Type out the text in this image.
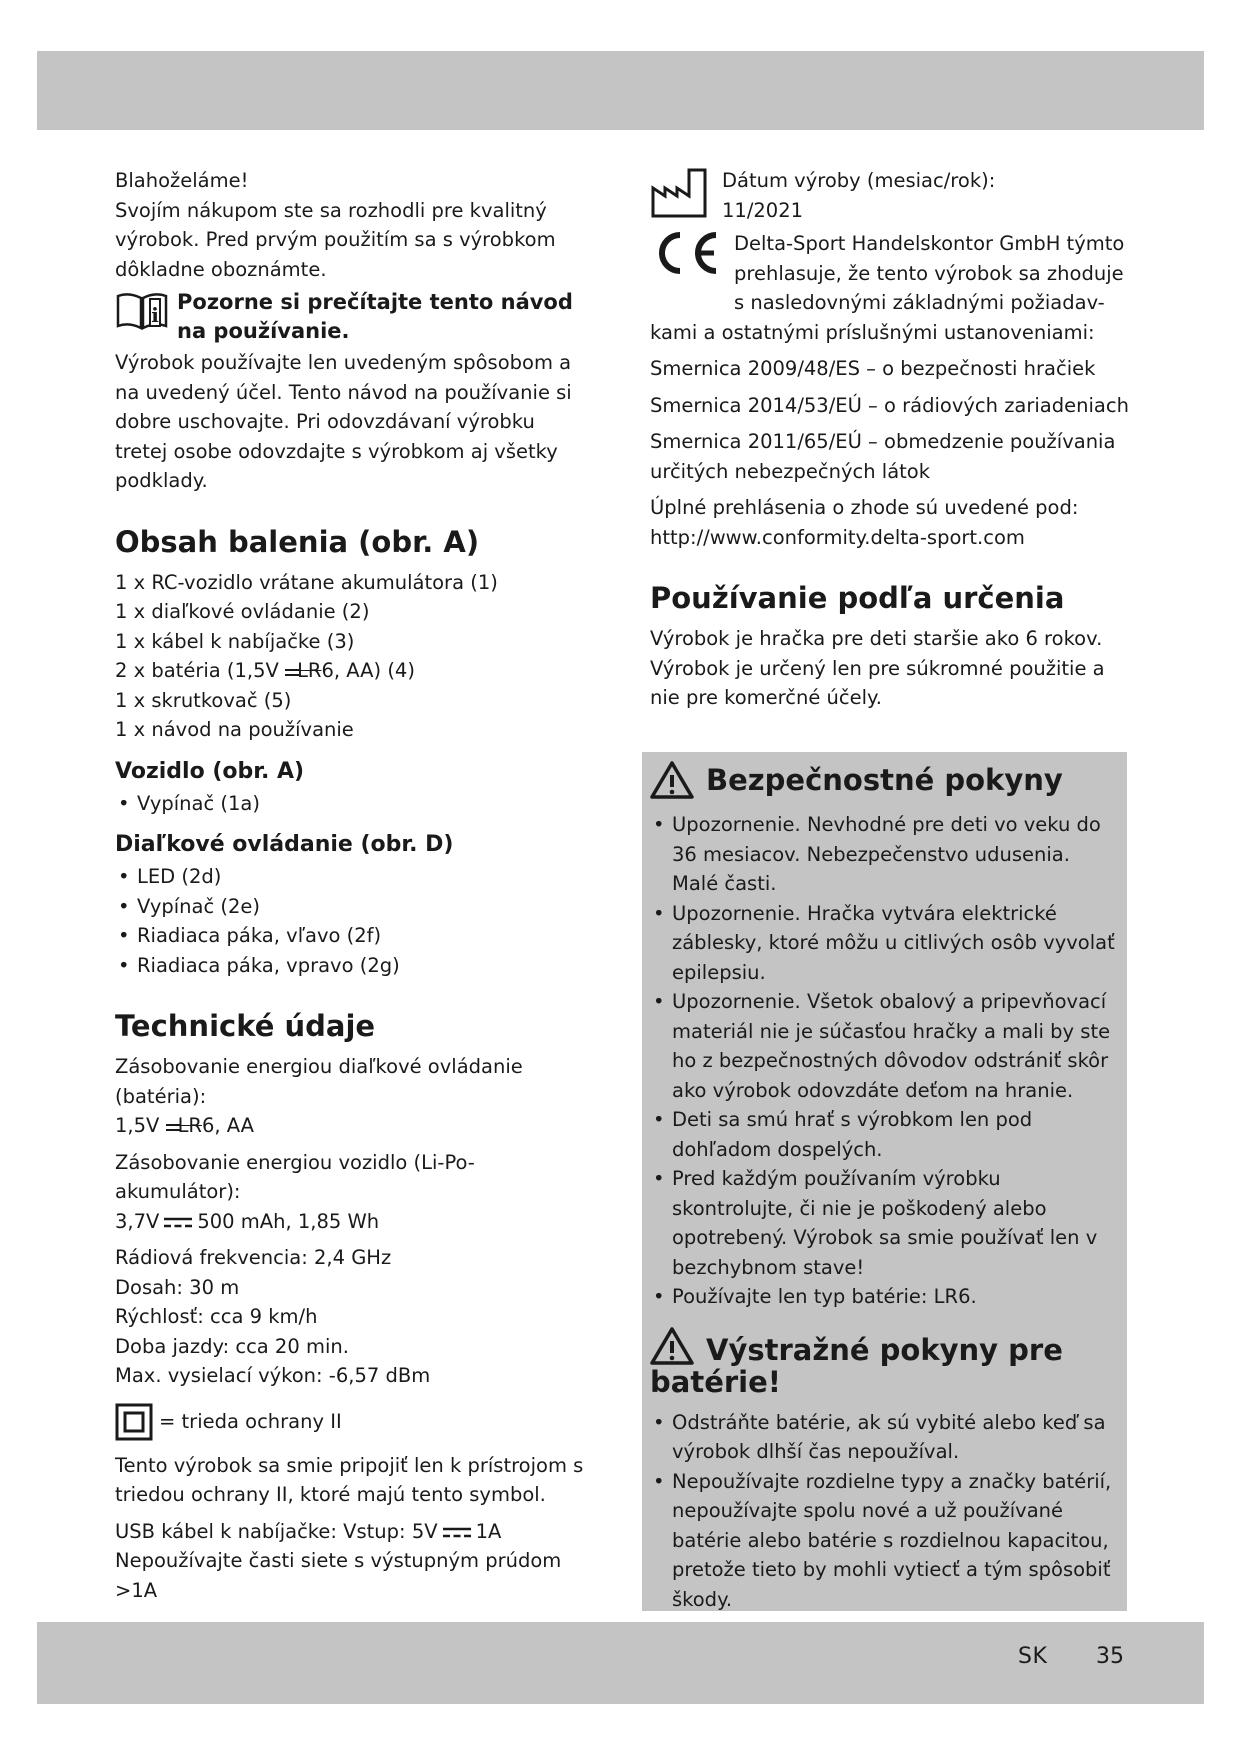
Blahoželáme!

Svojím nákupom ste sa rozhodli pre kvalitný výrobok. Pred prvým použitím sa s výrobkom dôkladne oboznámte.

i
Pozorne si prečítajte tento návod na používanie.

Výrobok používajte len uvedeným spôsobom a na uvedený účel. Tento návod na používanie si dobre uschovajte. Pri odovzdávaní výrobku tretej osobe odovzdajte s výrobkom aj všetky podklady.

Obsah balenia (obr. A)

1 x RC-vozidlo vrátane akumulátora (1)

1 x diaľkové ovládanie (2)

1 x kábel k nabíjačke (3)

2 x batéria (1,5V LR6, AA) (4)

1 x skrutkovač (5)

1 x návod na používanie

Vozidlo (obr. A)
• Vypínač (1a)
Diaľkové ovládanie (obr. D)
• LED (2d)
• Vypínač (2e)
• Riadiaca páka, vľavo (2f)
• Riadiaca páka, vpravo (2g)
Technické údaje

Zásobovanie energiou diaľkové ovládanie (batéria):

1,5V LR6, AA

Zásobovanie energiou vozidlo (Li-Po-akumulátor):

3,7V 500 mAh, 1,85 Wh

Rádiová frekvencia: 2,4 GHz

Dosah: 30 m

Rýchlosť: cca 9 km/h

Doba jazdy: cca 20 min.

Max. vysielací výkon: -6,57 dBm

= trieda ochrany II

Tento výrobok sa smie pripojiť len k prístrojom s triedou ochrany II, ktoré majú tento symbol.

USB kábel k nabíjačke: Vstup: 5V 1A

Nepoužívajte časti siete s výstupným prúdom >1A

Dátum výroby (mesiac/rok):

11/2021

Delta-Sport Handelskontor GmbH týmto prehlasuje, že tento výrobok sa zhoduje s nasledovnými základnými požiadav-

kami a ostatnými príslušnými ustanoveniami:

Smernica 2009/48/ES – o bezpečnosti hračiek

Smernica 2014/53/EÚ – o rádiových zariadeniach

Smernica 2011/65/EÚ – obmedzenie používania určitých nebezpečných látok

Úplné prehlásenia o zhode sú uvedené pod:

http://www.conformity.delta-sport.com

Používanie podľa určenia

Výrobok je hračka pre deti staršie ako 6 rokov. Výrobok je určený len pre súkromné použitie a nie pre komerčné účely.

Bezpečnostné pokyny
• Upozornenie. Nevhodné pre deti vo veku do 36 mesiacov. Nebezpečenstvo udusenia. Malé časti.
• Upozornenie. Hračka vytvára elektrické záblesky, ktoré môžu u citlivých osôb vyvolať epilepsiu.
• Upozornenie. Všetok obalový a pripevňovací materiál nie je súčasťou hračky a mali by ste ho z bezpečnostných dôvodov odstrániť skôr ako výrobok odovzdáte deťom na hranie.
• Deti sa smú hrať s výrobkom len pod dohľadom dospelých.
• Pred každým používaním výrobku skontrolujte, či nie je poškodený alebo opotrebený. Výrobok sa smie používať len v bezchybnom stave!
• Používajte len typ batérie: LR6.
Výstražné pokyny pre batérie!
• Odstráňte batérie, ak sú vybité alebo keď sa výrobok dlhší čas nepoužíval.
• Nepoužívajte rozdielne typy a značky batérií, nepoužívajte spolu nové a už používané batérie alebo batérie s rozdielnou kapacitou, pretože tieto by mohli vytiecť a tým spôsobiť škody.
SK 35
